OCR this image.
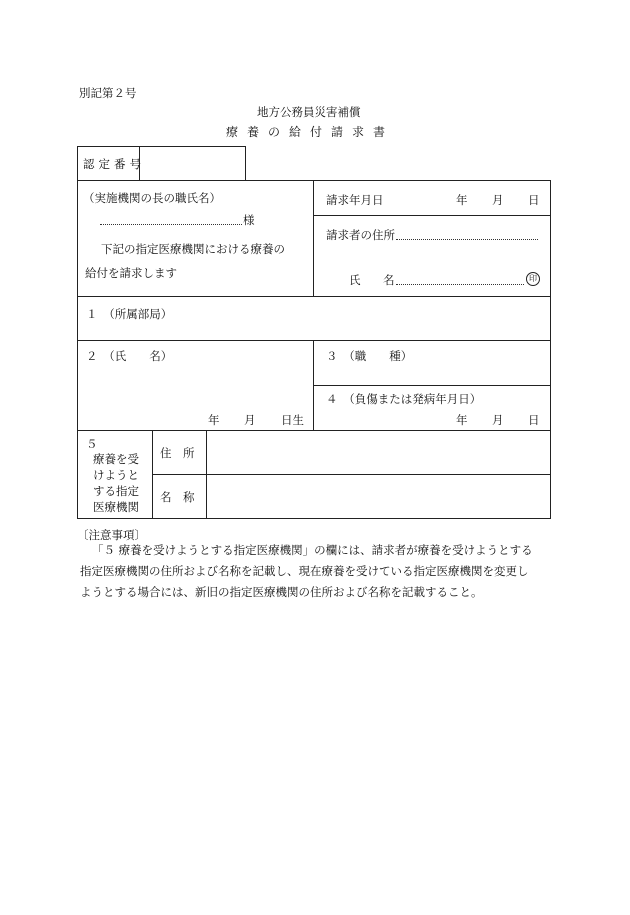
別記第２号
地方公務員災害補償
療養の給付請求書
認定番号
（実施機関の長の職氏名）
様
下記の指定医療機関における療養の
給付を請求します
請求年月日	年 月 日
請求者の住所
氏 名	印
１　（所属部局）
２　（氏　　名）
年 月 日生
３　（職　　種）
４　（負傷または発病年月日）
年 月 日
５
療養を受
けようと
する指定
医療機関
住　所
名　称
〔注意事項〕
「５ 療養を受けようとする指定医療機関」の欄には、請求者が療養を受けようとする
指定医療機関の住所および名称を記載し、現在療養を受けている指定医療機関を変更し
ようとする場合には、新旧の指定医療機関の住所および名称を記載すること。
